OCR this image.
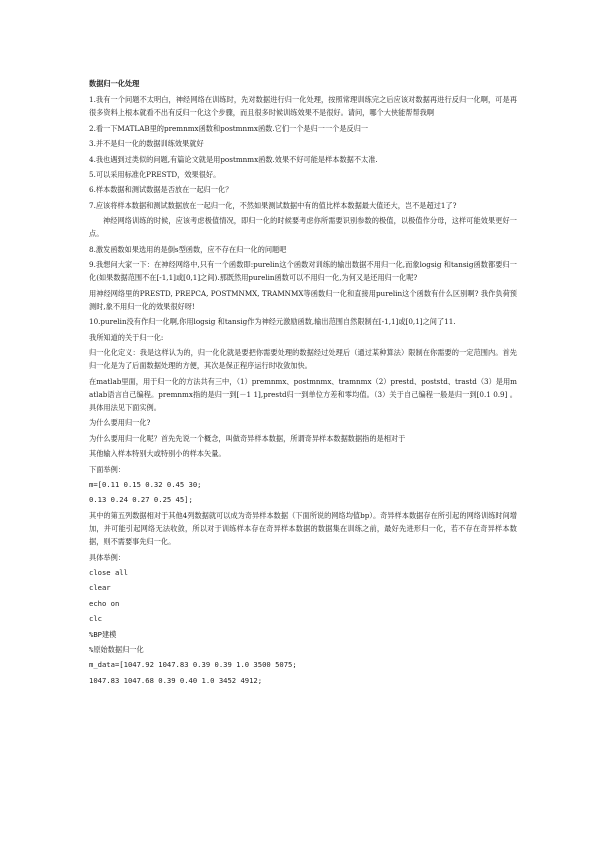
数据归一化处理

1.我有一个问题不太明白，神经网络在训练时，先对数据进行归一化处理，按照常理训练完之后应该对数据再进行反归一化啊，可是再很多资料上根本就看不出有反归一化这个步骤，而且很多时候训练效果不是很好。请问，哪个大侠能帮帮我啊

2.看一下MATLAB里的premnmx函数和postmnmx函数.它们一个是归一一个是反归一

3.并不是归一化的数据训练效果就好

4.我也遇到过类似的问题,有篇论文就是用postmnmx函数.效果不好可能是样本数据不太准.

5.可以采用标准化PRESTD，效果很好。

6.样本数据和测试数据是否放在一起归一化？

7.应该将样本数据和测试数据放在一起归一化，不然如果测试数据中有的值比样本数据最大值还大，岂不是超过1了?

神经网络训练的时候，应该考虑极值情况，即归一化的时候要考虑你所需要识别参数的极值，以极值作分母，这样可能效果更好一点。

8.激发函数如果选用的是倒s型函数，应不存在归一化的问题吧

9.我想问大家一下：在神经网络中,只有一个函数即:purelin这个函数对训练的输出数据不用归一化,而象logsig 和tansig函数都要归一化(如果数据范围不在[-1,1]或[0,1]之间).那既然用purelin函数可以不用归一化,为何又是还用归一化呢?

用神经网络里的PRESTD, PREPCA, POSTMNMX, TRAMNMX等函数归一化和直接用purelin这个函数有什么区别啊? 我作负荷预测时,象不用归一化的效果很好呀!

10.purelin没有作归一化啊,你用logsig 和tansig作为神经元激励函数,输出范围自然限制在[-1,1]或[0,1]之间了11.

我所知道的关于归一化:

归一化化定义：我是这样认为的，归一化化就是要把你需要处理的数据经过处理后（通过某种算法）限制在你需要的一定范围内。首先归一化是为了后面数据处理的方便，其次是保正程序运行时收敛加快。

在matlab里面，用于归一化的方法共有三中，（1）premnmx、postmnmx、tramnmx（2）prestd、poststd、trastd（3）是用matlab语言自己编程。premnmx指的是归一到[－1 1],prestd归一到单位方差和零均值。（3）关于自己编程一般是归一到[0.1 0.9] 。具体用法见下面实例。

为什么要用归一化?

为什么要用归一化呢？首先先说一个概念，叫做奇异样本数据，所谓奇异样本数据数据指的是相对于

其他输入样本特别大或特别小的样本矢量。

下面举例：

m=[0.11 0.15 0.32 0.45 30;

0.13 0.24 0.27 0.25 45];

其中的第五列数据相对于其他4列数据就可以成为奇异样本数据（下面所说的网络均值bp）。奇异样本数据存在所引起的网络训练时间增加，并可能引起网络无法收敛，所以对于训练样本存在奇异样本数据的数据集在训练之前，最好先进形归一化，若不存在奇异样本数据，则不需要事先归一化。

具体举例：

close all

clear

echo on

clc

%BP建模

%原始数据归一化

m_data=[1047.92 1047.83 0.39 0.39 1.0 3500 5075;

1047.83 1047.68 0.39 0.40 1.0 3452 4912;
